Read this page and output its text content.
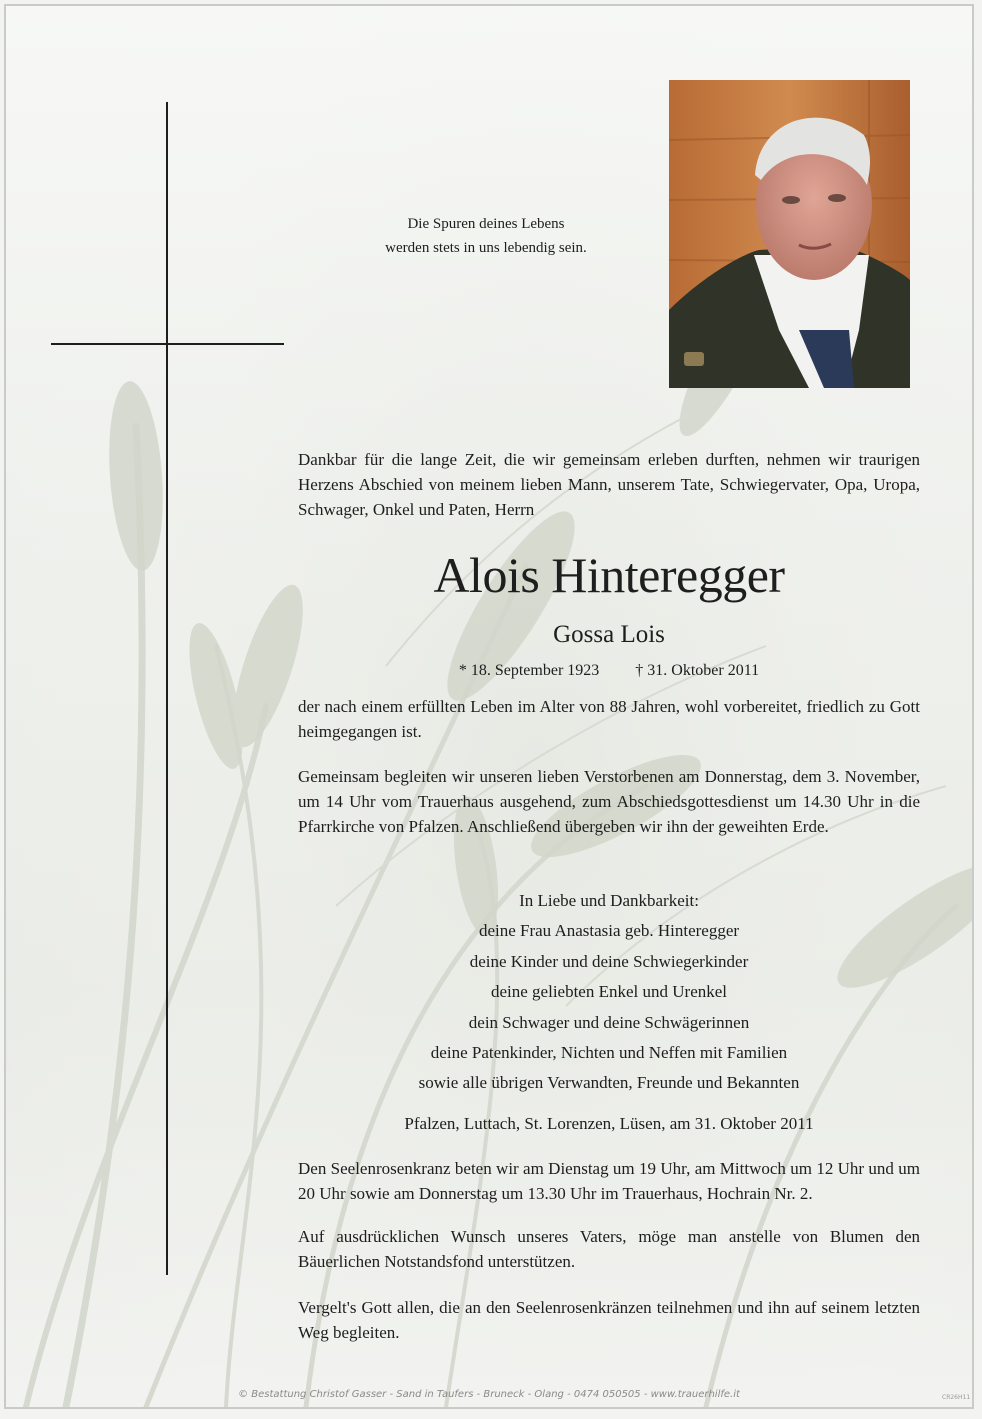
Die Spuren deines Lebens
werden stets in uns lebendig sein.
Dankbar für die lange Zeit, die wir gemeinsam erleben durften, nehmen wir traurigen Herzens Abschied von meinem lieben Mann, unserem Tate, Schwiegervater, Opa, Uropa, Schwager, Onkel und Paten, Herrn
Alois Hinteregger
Gossa Lois
* 18. September 1923 † 31. Oktober 2011
der nach einem erfüllten Leben im Alter von 88 Jahren, wohl vorbereitet, friedlich zu Gott heimgegangen ist.
Gemeinsam begleiten wir unseren lieben Verstorbenen am Donnerstag, dem 3. November, um 14 Uhr vom Trauerhaus ausgehend, zum Abschiedsgottesdienst um 14.30 Uhr in die Pfarrkirche von Pfalzen. Anschließend übergeben wir ihn der geweihten Erde.
In Liebe und Dankbarkeit:
deine Frau Anastasia geb. Hinteregger
deine Kinder und deine Schwiegerkinder
deine geliebten Enkel und Urenkel
dein Schwager und deine Schwägerinnen
deine Patenkinder, Nichten und Neffen mit Familien
sowie alle übrigen Verwandten, Freunde und Bekannten
Pfalzen, Luttach, St. Lorenzen, Lüsen, am 31. Oktober 2011
Den Seelenrosenkranz beten wir am Dienstag um 19 Uhr, am Mittwoch um 12 Uhr und um 20 Uhr sowie am Donnerstag um 13.30 Uhr im Trauerhaus, Hochrain Nr. 2.
Auf ausdrücklichen Wunsch unseres Vaters, möge man anstelle von Blumen den Bäuerlichen Notstandsfond unterstützen.
Vergelt's Gott allen, die an den Seelenrosenkränzen teilnehmen und ihn auf seinem letzten Weg begleiten.
© Bestattung Christof Gasser - Sand in Taufers - Bruneck - Olang - 0474 050505 - www.trauerhilfe.it	CR26H11
